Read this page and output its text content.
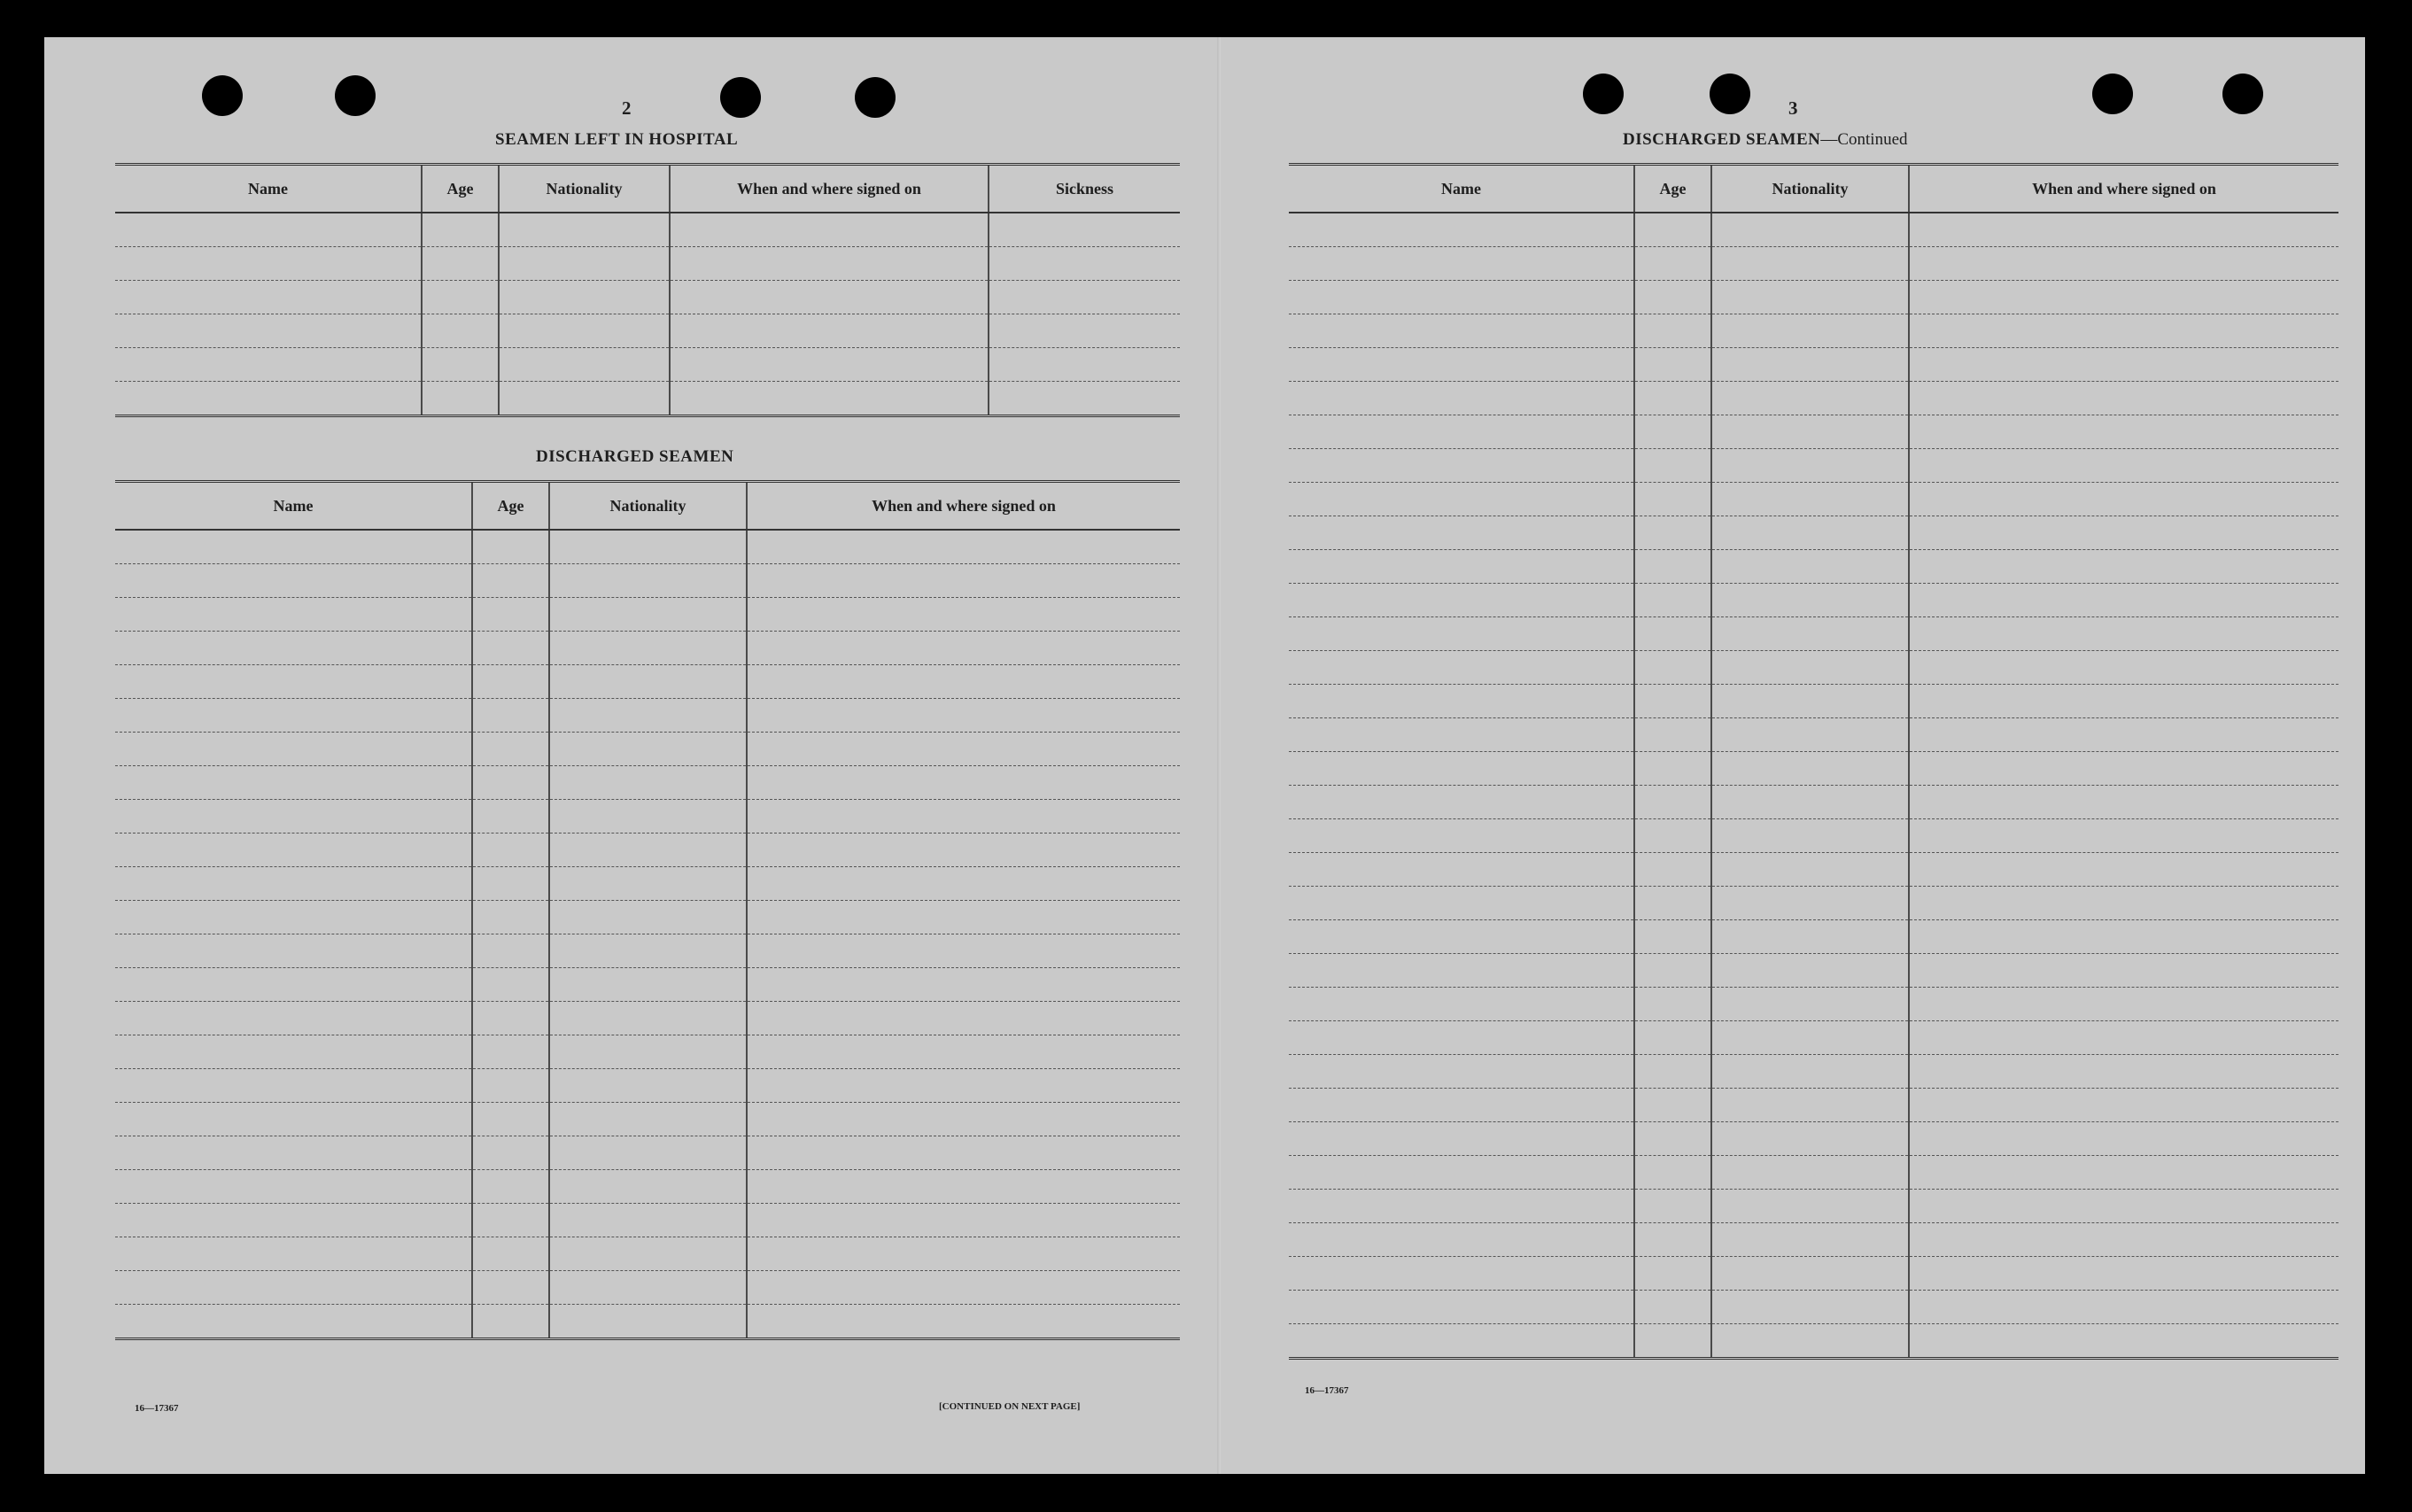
2
SEAMEN LEFT IN HOSPITAL
Name	Age	Nationality	When and where signed on	Sickness

DISCHARGED SEAMEN
Name	Age	Nationality	When and where signed on

16—17367	[CONTINUED ON NEXT PAGE]
3
DISCHARGED SEAMEN—Continued
Name	Age	Nationality	When and where signed on

16—17367
